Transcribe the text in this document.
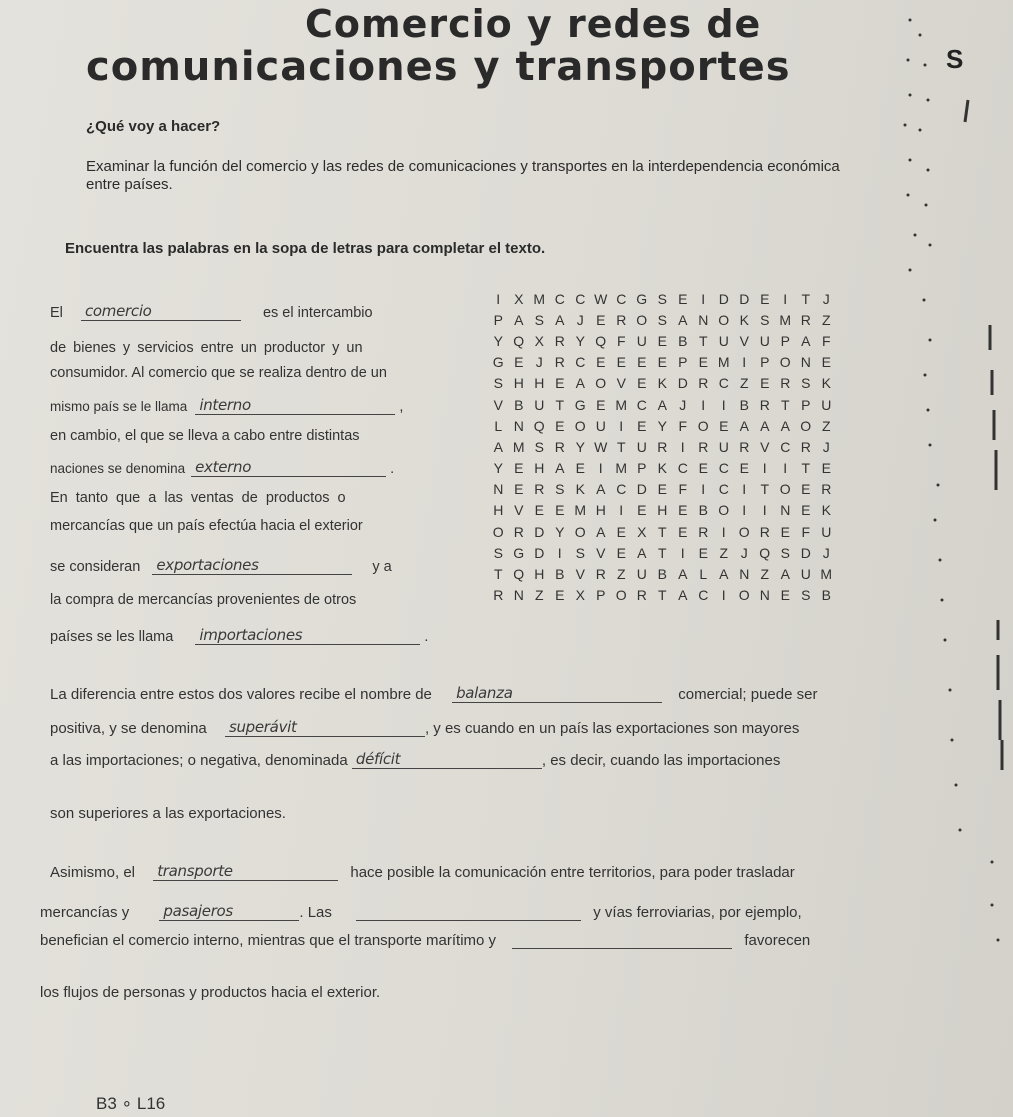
Comercio y redes de
comunicaciones y transportes
¿Qué voy a hacer?
Examinar la función del comercio y las redes de comunicaciones y transportes en la interdependencia económica entre países.
Encuentra las palabras en la sopa de letras para completar el texto.
El comercio	es el intercambio
de bienes y servicios entre un productor y un
consumidor. Al comercio que se realiza dentro de un
mismo país se le llama interno	,
en cambio, el que se lleva a cabo entre distintas
naciones se denomina externo	.
En tanto que a las ventas de productos o
mercancías que un país efectúa hacia el exterior
se consideran exportaciones	y a
la compra de mercancías provenientes de otros
países se les llama importaciones	.
I X M C C W C G S E I D D E I	T J
P A S A J E R O S A N O K S M R Z
Y Q X R Y Q F U E B T U V U P A F
G E J R C E E E E P E M I P O N E
S H H E A O V E K D R C Z E R S K
V B U T G E M C A J	I	I B R T P U
L N Q E O U I E Y F O E A A A O Z
A M S R Y W T U R I R U R V C R J
Y E H A E I M P K C E C E I	I	T E
N E R S K A C D E F	I C I	T O E R
H V E E M H I E H E B O I	I N E K
O R D Y O A E X T E R I O R E F U
S G D I S V E A T	I E Z J Q S D J
T Q H B V R Z U B A L A N Z A U M
R N Z E X P O R T A C I O N E S B
La diferencia entre estos dos valores recibe el nombre de balanza	comercial; puede ser
positiva, y se denomina superávit	, y es cuando en un país las exportaciones son mayores
a las importaciones; o negativa, denominada défícit	, es decir, cuando las importaciones
son superiores a las exportaciones.
Asimismo, el transporte	hace posible la comunicación entre territorios, para poder trasladar
mercancías y pasajeros	. Las	y vías ferroviarias, por ejemplo,
benefician el comercio interno, mientras que el transporte marítimo y	favorecen
los flujos de personas y productos hacia el exterior.
B3 ∘ L16
S
